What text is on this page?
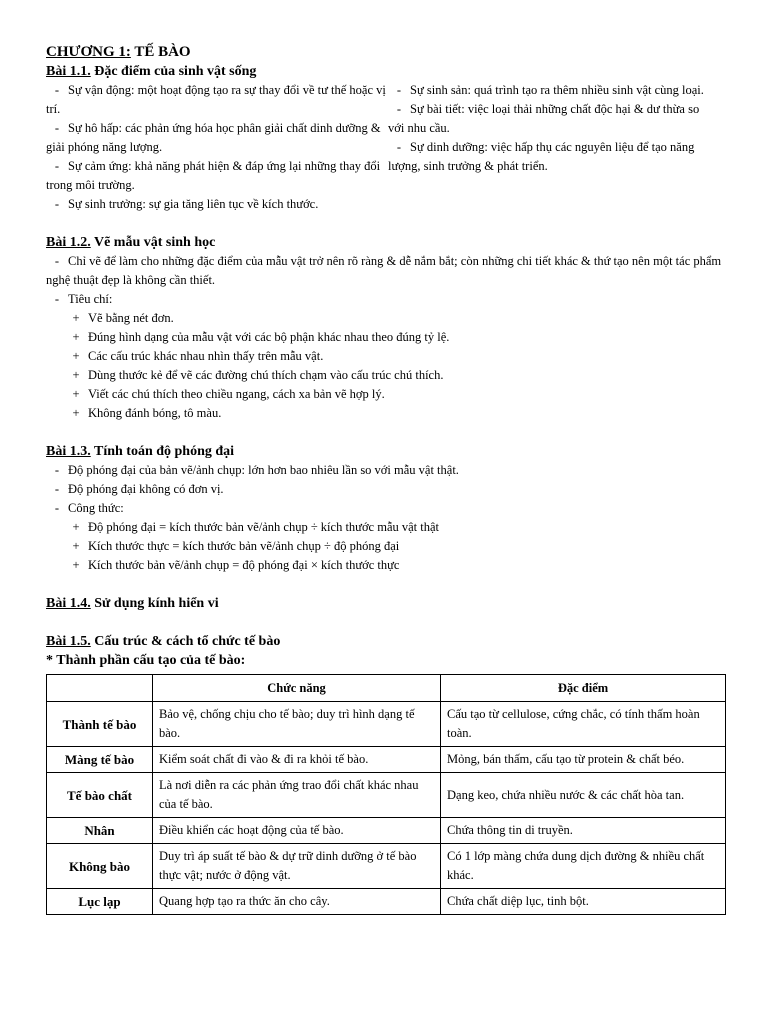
CHƯƠNG 1: TẾ BÀO
Bài 1.1. Đặc điểm của sinh vật sống
- Sự vận động: một hoạt động tạo ra sự thay đổi về tư thế hoặc vị trí.
- Sự hô hấp: các phản ứng hóa học phân giải chất dinh dưỡng & giải phóng năng lượng.
- Sự cảm ứng: khả năng phát hiện & đáp ứng lại những thay đổi trong môi trường.
- Sự sinh trưởng: sự gia tăng liên tục về kích thước.
- Sự sinh sản: quá trình tạo ra thêm nhiều sinh vật cùng loại.
- Sự bài tiết: việc loại thải những chất độc hại & dư thừa so với nhu cầu.
- Sự dinh dưỡng: việc hấp thụ các nguyên liệu để tạo năng lượng, sinh trưởng & phát triển.
Bài 1.2. Vẽ mẫu vật sinh học
- Chỉ vẽ để làm cho những đặc điểm của mẫu vật trở nên rõ ràng & dễ nắm bắt; còn những chi tiết khác & thứ tạo nên một tác phẩm nghệ thuật đẹp là không cần thiết.
- Tiêu chí:
+ Vẽ bằng nét đơn.
+ Đúng hình dạng của mẫu vật với các bộ phận khác nhau theo đúng tỷ lệ.
+ Các cấu trúc khác nhau nhìn thấy trên mẫu vật.
+ Dùng thước kẻ để vẽ các đường chú thích chạm vào cấu trúc chú thích.
+ Viết các chú thích theo chiều ngang, cách xa bản vẽ hợp lý.
+ Không đánh bóng, tô màu.
Bài 1.3. Tính toán độ phóng đại
- Độ phóng đại của bản vẽ/ảnh chụp: lớn hơn bao nhiêu lần so với mẫu vật thật.
- Độ phóng đại không có đơn vị.
- Công thức:
+ Độ phóng đại = kích thước bản vẽ/ảnh chụp ÷ kích thước mẫu vật thật
+ Kích thước thực = kích thước bản vẽ/ảnh chụp ÷ độ phóng đại
+ Kích thước bản vẽ/ảnh chụp = độ phóng đại × kích thước thực
Bài 1.4. Sử dụng kính hiển vi
Bài 1.5. Cấu trúc & cách tổ chức tế bào
* Thành phần cấu tạo của tế bào:
	Chức năng	Đặc điểm
Thành tế bào	Bảo vệ, chống chịu cho tế bào; duy trì hình dạng tế bào.	Cấu tạo từ cellulose, cứng chắc, có tính thấm hoàn toàn.
Màng tế bào	Kiểm soát chất đi vào & đi ra khỏi tế bào.	Mỏng, bán thấm, cấu tạo từ protein & chất béo.
Tế bào chất	Là nơi diễn ra các phản ứng trao đổi chất khác nhau của tế bào.	Dạng keo, chứa nhiều nước & các chất hòa tan.
Nhân	Điều khiển các hoạt động của tế bào.	Chứa thông tin di truyền.
Không bào	Duy trì áp suất tế bào & dự trữ dinh dưỡng ở tế bào thực vật; nước ở động vật.	Có 1 lớp màng chứa dung dịch đường & nhiều chất khác.
Lục lạp	Quang hợp tạo ra thức ăn cho cây.	Chứa chất diệp lục, tinh bột.
